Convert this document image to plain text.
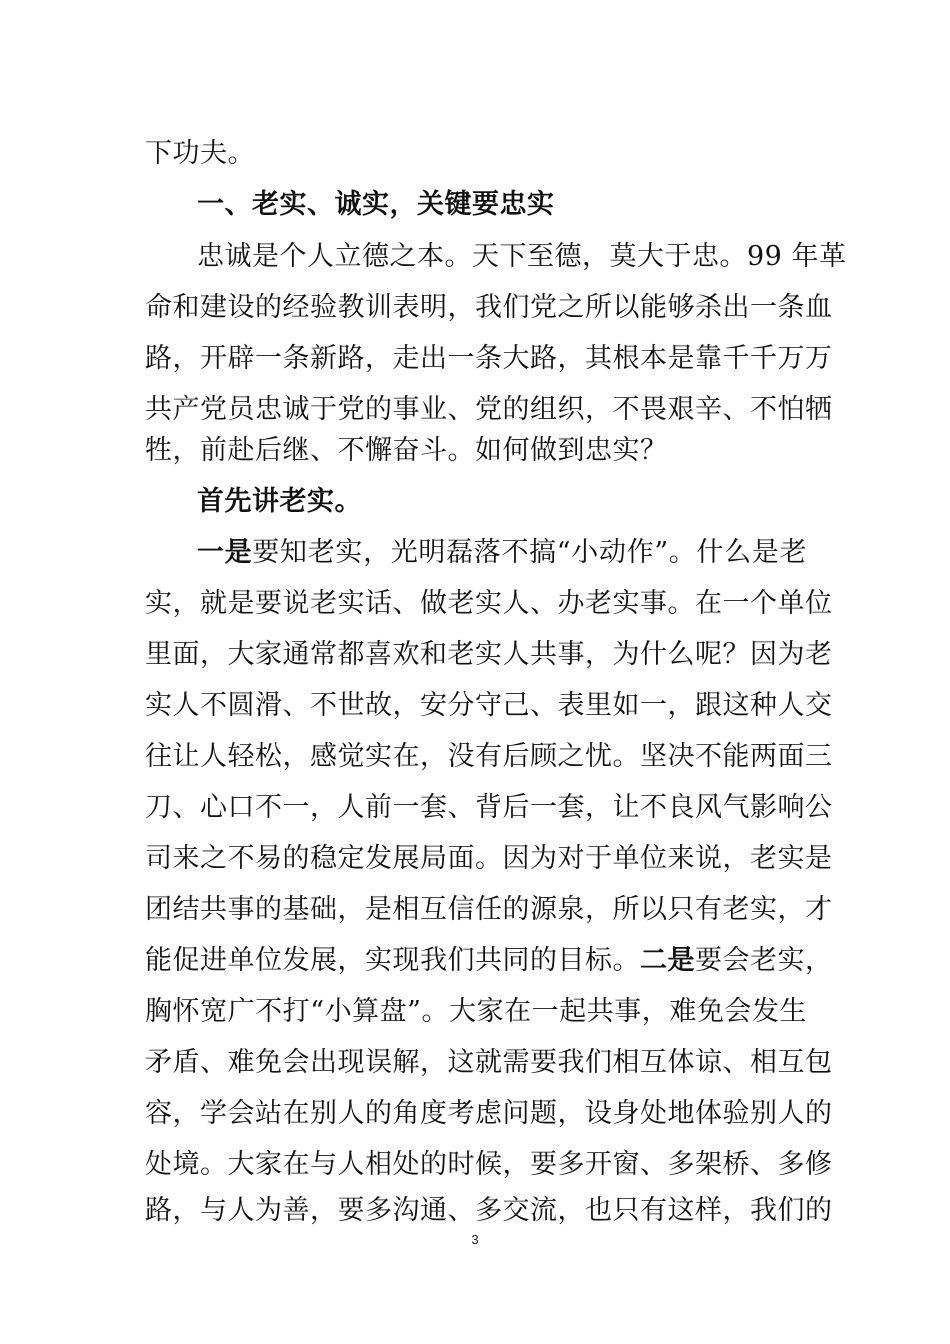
下功夫。
一、老实、诚实，关键要忠实
忠诚是个人立德之本。天下至德，莫大于忠。99 年革
命和建设的经验教训表明，我们党之所以能够杀出一条血
路，开辟一条新路，走出一条大路，其根本是靠千千万万
共产党员忠诚于党的事业、党的组织，不畏艰辛、不怕牺
牲，前赴后继、不懈奋斗。如何做到忠实？
首先讲老实。
一是要知老实，光明磊落不搞“小动作”。什么是老
实，就是要说老实话、做老实人、办老实事。在一个单位
里面，大家通常都喜欢和老实人共事，为什么呢？因为老
实人不圆滑、不世故，安分守己、表里如一，跟这种人交
往让人轻松，感觉实在，没有后顾之忧。坚决不能两面三
刀、心口不一，人前一套、背后一套，让不良风气影响公
司来之不易的稳定发展局面。因为对于单位来说，老实是
团结共事的基础，是相互信任的源泉，所以只有老实，才
能促进单位发展，实现我们共同的目标。二是要会老实，
胸怀宽广不打“小算盘”。大家在一起共事，难免会发生
矛盾、难免会出现误解，这就需要我们相互体谅、相互包
容，学会站在别人的角度考虑问题，设身处地体验别人的
处境。大家在与人相处的时候，要多开窗、多架桥、多修
路，与人为善，要多沟通、多交流，也只有这样，我们的
3
